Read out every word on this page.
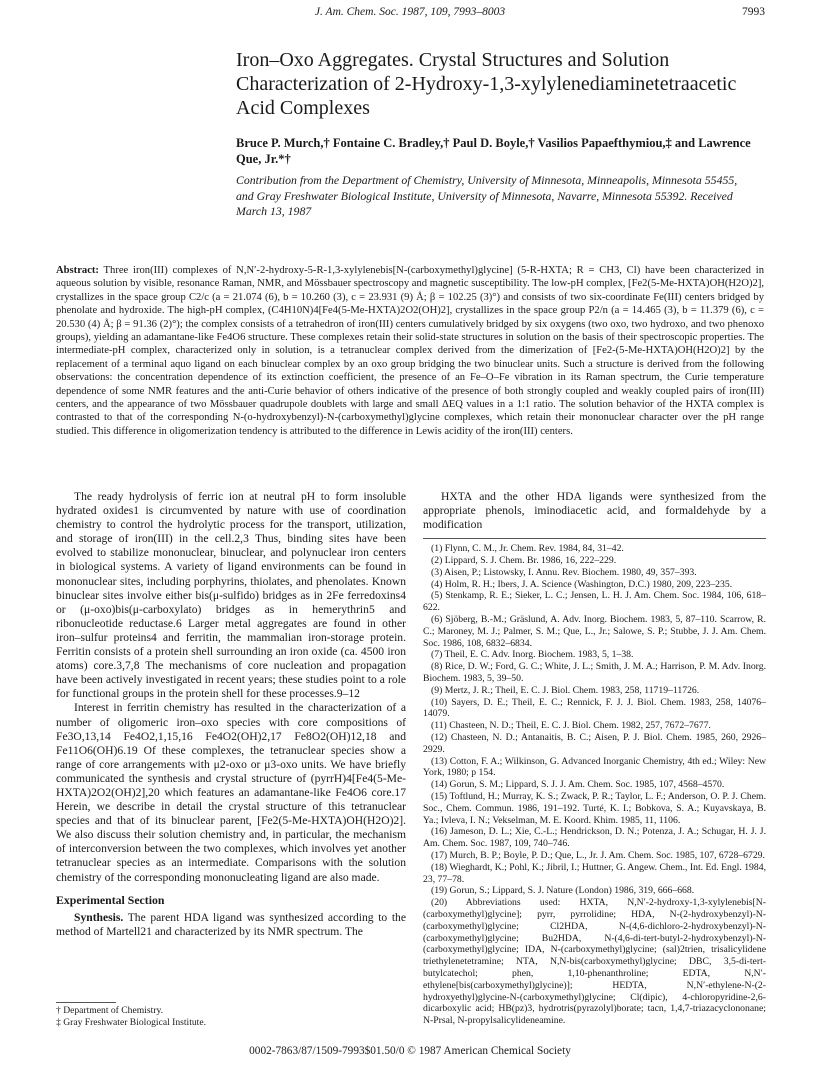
J. Am. Chem. Soc. 1987, 109, 7993–8003	7993
Iron–Oxo Aggregates. Crystal Structures and Solution Characterization of 2-Hydroxy-1,3-xylylenediaminetetraacetic Acid Complexes
Bruce P. Murch,† Fontaine C. Bradley,† Paul D. Boyle,† Vasilios Papaefthymiou,‡ and Lawrence Que, Jr.*†
Contribution from the Department of Chemistry, University of Minnesota, Minneapolis, Minnesota 55455, and Gray Freshwater Biological Institute, University of Minnesota, Navarre, Minnesota 55392. Received March 13, 1987
Abstract: Three iron(III) complexes of N,N′-2-hydroxy-5-R-1,3-xylylenebis[N-(carboxymethyl)glycine] (5-R-HXTA; R = CH3, Cl) have been characterized in aqueous solution by visible, resonance Raman, NMR, and Mössbauer spectroscopy and magnetic susceptibility. The low-pH complex, [Fe2(5-Me-HXTA)OH(H2O)2], crystallizes in the space group C2/c (a = 21.074 (6), b = 10.260 (3), c = 23.931 (9) Å; β = 102.25 (3)°) and consists of two six-coordinate Fe(III) centers bridged by phenolate and hydroxide. The high-pH complex, (C4H10N)4[Fe4(5-Me-HXTA)2O2(OH)2], crystallizes in the space group P2/n (a = 14.465 (3), b = 11.379 (6), c = 20.530 (4) Å; β = 91.36 (2)°); the complex consists of a tetrahedron of iron(III) centers cumulatively bridged by six oxygens (two oxo, two hydroxo, and two phenoxo groups), yielding an adamantane-like Fe4O6 structure. These complexes retain their solid-state structures in solution on the basis of their spectroscopic properties. The intermediate-pH complex, characterized only in solution, is a tetranuclear complex derived from the dimerization of [Fe2-(5-Me-HXTA)OH(H2O)2] by the replacement of a terminal aquo ligand on each binuclear complex by an oxo group bridging the two binuclear units. Such a structure is derived from the following observations: the concentration dependence of its extinction coefficient, the presence of an Fe–O–Fe vibration in its Raman spectrum, the Curie temperature dependence of some NMR features and the anti-Curie behavior of others indicative of the presence of both strongly coupled and weakly coupled pairs of iron(III) centers, and the appearance of two Mössbauer quadrupole doublets with large and small ΔEQ values in a 1:1 ratio. The solution behavior of the HXTA complex is contrasted to that of the corresponding N-(o-hydroxybenzyl)-N-(carboxymethyl)glycine complexes, which retain their mononuclear character over the pH range studied. This difference in oligomerization tendency is attributed to the difference in Lewis acidity of the iron(III) centers.

The ready hydrolysis of ferric ion at neutral pH to form insoluble hydrated oxides1 is circumvented by nature with use of coordination chemistry to control the hydrolytic process for the transport, utilization, and storage of iron(III) in the cell.2,3 Thus, binding sites have been evolved to stabilize mononuclear, binuclear, and polynuclear iron centers in biological systems. A variety of ligand environments can be found in mononuclear sites, including porphyrins, thiolates, and phenolates. Known binuclear sites involve either bis(μ-sulfido) bridges as in 2Fe ferredoxins4 or (μ-oxo)bis(μ-carboxylato) bridges as in hemerythrin5 and ribonucleotide reductase.6 Larger metal aggregates are found in other iron–sulfur proteins4 and ferritin, the mammalian iron-storage protein. Ferritin consists of a protein shell surrounding an iron oxide (ca. 4500 iron atoms) core.3,7,8 The mechanisms of core nucleation and propagation have been actively investigated in recent years; these studies point to a role for functional groups in the protein shell for these processes.9–12

Interest in ferritin chemistry has resulted in the characterization of a number of oligomeric iron–oxo species with core compositions of Fe3O,13,14 Fe4O2,1,15,16 Fe4O2(OH)2,17 Fe8O2(OH)12,18 and Fe11O6(OH)6.19 Of these complexes, the tetranuclear species show a range of core arrangements with μ2-oxo or μ3-oxo units. We have briefly communicated the synthesis and crystal structure of (pyrrH)4[Fe4(5-Me-HXTA)2O2(OH)2],20 which features an adamantane-like Fe4O6 core.17 Herein, we describe in detail the crystal structure of this tetranuclear species and that of its binuclear parent, [Fe2(5-Me-HXTA)OH(H2O)2]. We also discuss their solution chemistry and, in particular, the mechanism of interconversion between the two complexes, which involves yet another tetranuclear species as an intermediate. Comparisons with the solution chemistry of the corresponding mononucleating ligand are also made.

Experimental Section

Synthesis. The parent HDA ligand was synthesized according to the method of Martell21 and characterized by its NMR spectrum. The

HXTA and the other HDA ligands were synthesized from the appropriate phenols, iminodiacetic acid, and formaldehyde by a modification

(1) Flynn, C. M., Jr. Chem. Rev. 1984, 84, 31–42.
(2) Lippard, S. J. Chem. Br. 1986, 16, 222–229.
(3) Aisen, P.; Listowsky, I. Annu. Rev. Biochem. 1980, 49, 357–393.
(4) Holm, R. H.; Ibers, J. A. Science (Washington, D.C.) 1980, 209, 223–235.
(5) Stenkamp, R. E.; Sieker, L. C.; Jensen, L. H. J. Am. Chem. Soc. 1984, 106, 618–622.
(6) Sjöberg, B.-M.; Gräslund, A. Adv. Inorg. Biochem. 1983, 5, 87–110. Scarrow, R. C.; Maroney, M. J.; Palmer, S. M.; Que, L., Jr.; Salowe, S. P.; Stubbe, J. J. Am. Chem. Soc. 1986, 108, 6832–6834.
(7) Theil, E. C. Adv. Inorg. Biochem. 1983, 5, 1–38.
(8) Rice, D. W.; Ford, G. C.; White, J. L.; Smith, J. M. A.; Harrison, P. M. Adv. Inorg. Biochem. 1983, 5, 39–50.
(9) Mertz, J. R.; Theil, E. C. J. Biol. Chem. 1983, 258, 11719–11726.
(10) Sayers, D. E.; Theil, E. C.; Rennick, F. J. J. Biol. Chem. 1983, 258, 14076–14079.
(11) Chasteen, N. D.; Theil, E. C. J. Biol. Chem. 1982, 257, 7672–7677.
(12) Chasteen, N. D.; Antanaitis, B. C.; Aisen, P. J. Biol. Chem. 1985, 260, 2926–2929.
(13) Cotton, F. A.; Wilkinson, G. Advanced Inorganic Chemistry, 4th ed.; Wiley: New York, 1980; p 154.
(14) Gorun, S. M.; Lippard, S. J. J. Am. Chem. Soc. 1985, 107, 4568–4570.
(15) Toftlund, H.; Murray, K. S.; Zwack, P. R.; Taylor, L. F.; Anderson, O. P. J. Chem. Soc., Chem. Commun. 1986, 191–192. Turté, K. I.; Bobkova, S. A.; Kuyavskaya, B. Ya.; Ivleva, I. N.; Vekselman, M. E. Koord. Khim. 1985, 11, 1106.
(16) Jameson, D. L.; Xie, C.-L.; Hendrickson, D. N.; Potenza, J. A.; Schugar, H. J. J. Am. Chem. Soc. 1987, 109, 740–746.
(17) Murch, B. P.; Boyle, P. D.; Que, L., Jr. J. Am. Chem. Soc. 1985, 107, 6728–6729.
(18) Wieghardt, K.; Pohl, K.; Jibril, I.; Huttner, G. Angew. Chem., Int. Ed. Engl. 1984, 23, 77–78.
(19) Gorun, S.; Lippard, S. J. Nature (London) 1986, 319, 666–668.
(20) Abbreviations used: HXTA, N,N′-2-hydroxy-1,3-xylylenebis[N-(carboxymethyl)glycine]; pyrr, pyrrolidine; HDA, N-(2-hydroxybenzyl)-N-(carboxymethyl)glycine; Cl2HDA, N-(4,6-dichloro-2-hydroxybenzyl)-N-(carboxymethyl)glycine; Bu2HDA, N-(4,6-di-tert-butyl-2-hydroxybenzyl)-N-(carboxymethyl)glycine; IDA, N-(carboxymethyl)glycine; (sal)2trien, trisalicylidene triethylenetetramine; NTA, N,N-bis(carboxymethyl)glycine; DBC, 3,5-di-tert-butylcatechol; phen, 1,10-phenanthroline; EDTA, N,N′-ethylene[bis(carboxymethyl)glycine)]; HEDTA, N,N′-ethylene-N-(2-hydroxyethyl)glycine-N-(carboxymethyl)glycine; Cl(dipic), 4-chloropyridine-2,6-dicarboxylic acid; HB(pz)3, hydrotris(pyrazolyl)borate; tacn, 1,4,7-triazacyclononane; N-Prsal, N-propylsalicylideneamine.
† Department of Chemistry.
‡ Gray Freshwater Biological Institute.
0002-7863/87/1509-7993$01.50/0 © 1987 American Chemical Society
